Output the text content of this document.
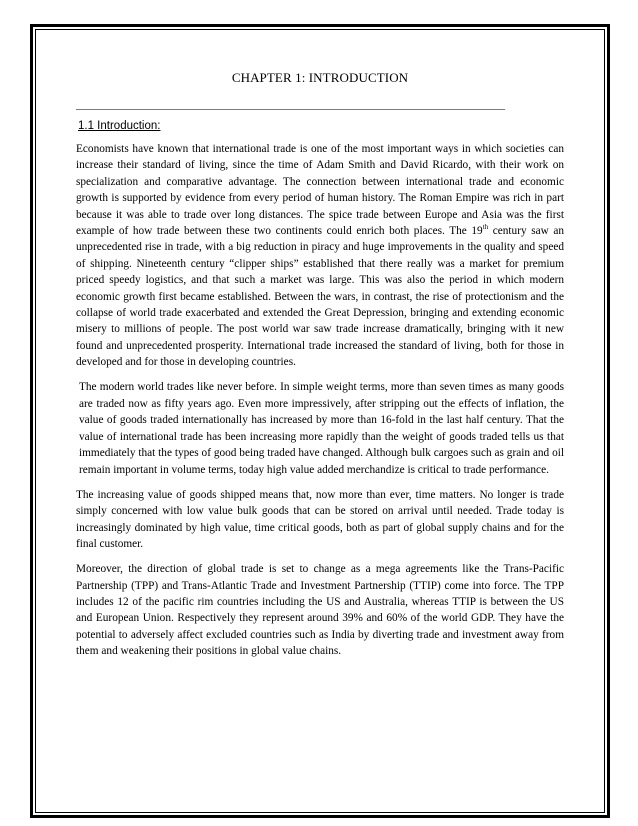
CHAPTER 1: INTRODUCTION
______________________________________________________________________________
1.1 Introduction:

Economists have known that international trade is one of the most important ways in which societies can increase their standard of living, since the time of Adam Smith and David Ricardo, with their work on specialization and comparative advantage. The connection between international trade and economic growth is supported by evidence from every period of human history. The Roman Empire was rich in part because it was able to trade over long distances. The spice trade between Europe and Asia was the first example of how trade between these two continents could enrich both places. The 19th century saw an unprecedented rise in trade, with a big reduction in piracy and huge improvements in the quality and speed of shipping. Nineteenth century “clipper ships” established that there really was a market for premium priced speedy logistics, and that such a market was large. This was also the period in which modern economic growth first became established. Between the wars, in contrast, the rise of protectionism and the collapse of world trade exacerbated and extended the Great Depression, bringing and extending economic misery to millions of people. The post world war saw trade increase dramatically, bringing with it new found and unprecedented prosperity. International trade increased the standard of living, both for those in developed and for those in developing countries.

The modern world trades like never before. In simple weight terms, more than seven times as many goods are traded now as fifty years ago. Even more impressively, after stripping out the effects of inflation, the value of goods traded internationally has increased by more than 16-fold in the last half century. That the value of international trade has been increasing more rapidly than the weight of goods traded tells us that immediately that the types of good being traded have changed. Although bulk cargoes such as grain and oil remain important in volume terms, today high value added merchandize is critical to trade performance.

The increasing value of goods shipped means that, now more than ever, time matters. No longer is trade simply concerned with low value bulk goods that can be stored on arrival until needed. Trade today is increasingly dominated by high value, time critical goods, both as part of global supply chains and for the final customer.

Moreover, the direction of global trade is set to change as a mega agreements like the Trans-Pacific Partnership (TPP) and Trans-Atlantic Trade and Investment Partnership (TTIP) come into force. The TPP includes 12 of the pacific rim countries including the US and Australia, whereas TTIP is between the US and European Union. Respectively they represent around 39% and 60% of the world GDP. They have the potential to adversely affect excluded countries such as India by diverting trade and investment away from them and weakening their positions in global value chains.
